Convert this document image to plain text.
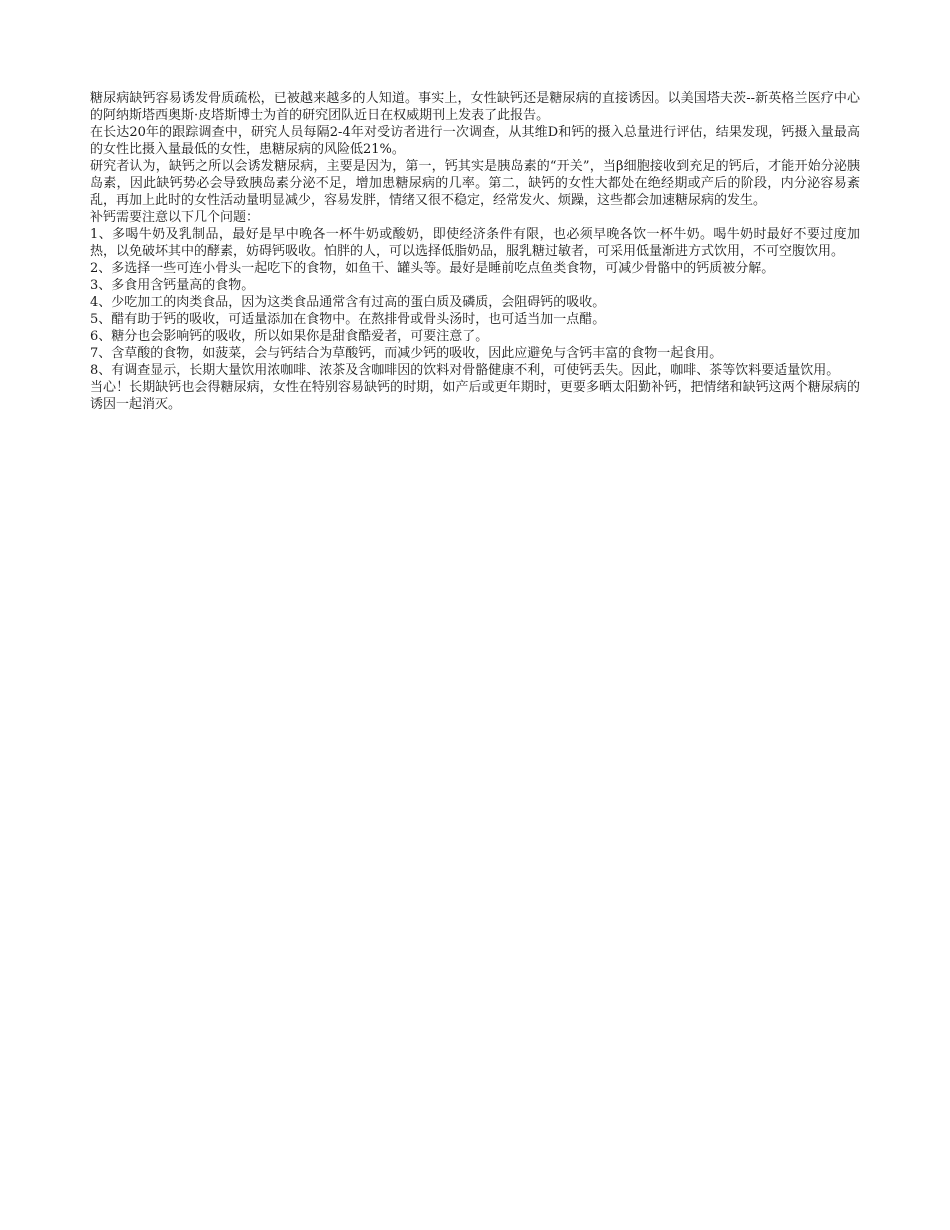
糖尿病缺钙容易诱发骨质疏松，已被越来越多的人知道。事实上，女性缺钙还是糖尿病的直接诱因。以美国塔夫茨--新英格兰医疗中心的阿纳斯塔西奥斯·皮塔斯博士为首的研究团队近日在权威期刊上发表了此报告。

在长达20年的跟踪调查中，研究人员每隔2-4年对受访者进行一次调查，从其维D和钙的摄入总量进行评估，结果发现，钙摄入量最高的女性比摄入量最低的女性，患糖尿病的风险低21%。

研究者认为，缺钙之所以会诱发糖尿病，主要是因为，第一，钙其实是胰岛素的“开关”，当β细胞接收到充足的钙后，才能开始分泌胰岛素，因此缺钙势必会导致胰岛素分泌不足，增加患糖尿病的几率。第二，缺钙的女性大都处在绝经期或产后的阶段，内分泌容易紊乱，再加上此时的女性活动量明显减少，容易发胖，情绪又很不稳定，经常发火、烦躁，这些都会加速糖尿病的发生。

补钙需要注意以下几个问题：

1、多喝牛奶及乳制品，最好是早中晚各一杯牛奶或酸奶，即使经济条件有限，也必须早晚各饮一杯牛奶。喝牛奶时最好不要过度加热，以免破坏其中的酵素，妨碍钙吸收。怕胖的人，可以选择低脂奶品，服乳糖过敏者，可采用低量渐进方式饮用，不可空腹饮用。

2、多选择一些可连小骨头一起吃下的食物，如鱼干、罐头等。最好是睡前吃点鱼类食物，可减少骨骼中的钙质被分解。

3、多食用含钙量高的食物。

4、少吃加工的肉类食品，因为这类食品通常含有过高的蛋白质及磷质，会阻碍钙的吸收。

5、醋有助于钙的吸收，可适量添加在食物中。在熬排骨或骨头汤时，也可适当加一点醋。

6、糖分也会影响钙的吸收，所以如果你是甜食酷爱者，可要注意了。

7、含草酸的食物，如菠菜，会与钙结合为草酸钙，而减少钙的吸收，因此应避免与含钙丰富的食物一起食用。

8、有调查显示，长期大量饮用浓咖啡、浓茶及含咖啡因的饮料对骨骼健康不利，可使钙丢失。因此，咖啡、茶等饮料要适量饮用。

当心！长期缺钙也会得糖尿病，女性在特别容易缺钙的时期，如产后或更年期时，更要多晒太阳勤补钙，把情绪和缺钙这两个糖尿病的诱因一起消灭。
